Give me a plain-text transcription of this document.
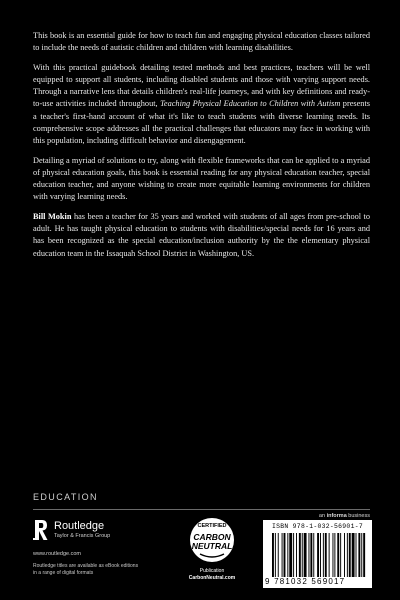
This book is an essential guide for how to teach fun and engaging physical education classes tailored to include the needs of autistic children and children with learning disabilities.

With this practical guidebook detailing tested methods and best practices, teachers will be well equipped to support all students, including disabled students and those with varying support needs. Through a narrative lens that details children's real-life journeys, and with key definitions and ready-to-use activities included throughout, Teaching Physical Education to Children with Autism presents a teacher's first-hand account of what it's like to teach students with diverse learning needs. Its comprehensive scope addresses all the practical challenges that educators may face in working with this population, including difficult behavior and disengagement.

Detailing a myriad of solutions to try, along with flexible frameworks that can be applied to a myriad of physical education goals, this book is essential reading for any physical education teacher, special education teacher, and anyone wishing to create more equitable learning environments for children with varying learning needs.

Bill Mokin has been a teacher for 35 years and worked with students of all ages from pre-school to adult. He has taught physical education to students with disabilities/special needs for 16 years and has been recognized as the special education/inclusion authority by the the elementary physical education team in the Issaquah School District in Washington, US.

EDUCATION
an informa business
Routledge
Taylor & Francis Group
www.routledge.com
Routledge titles are available as eBook editions
in a range of digital formats
CERTIFIED
CARBON
NEUTRAL
Publication
CarbonNeutral.com
ISBN 978-1-032-56901-7
9 781032 569017
